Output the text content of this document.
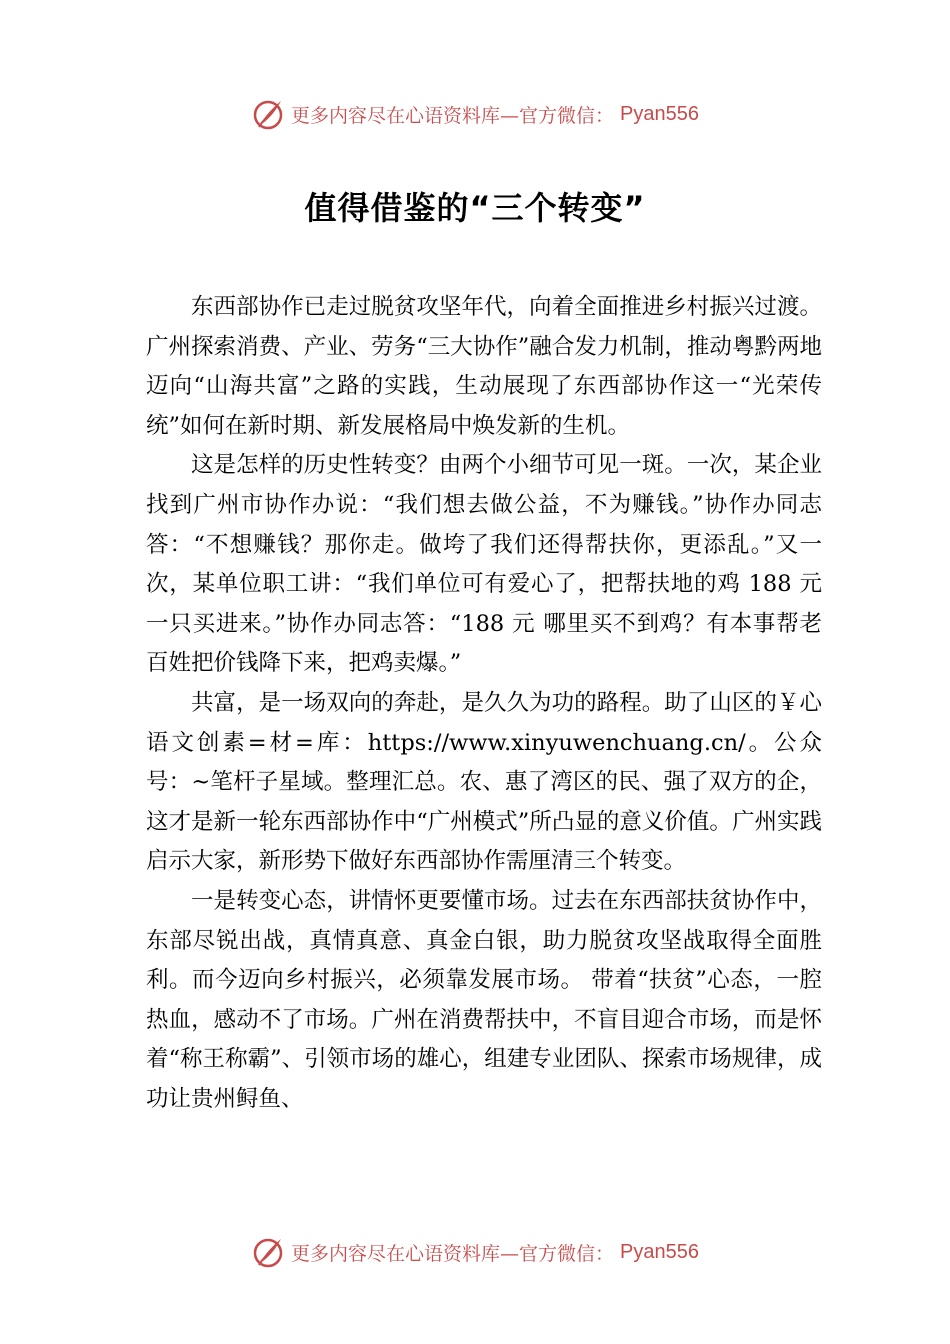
更多内容尽在心语资料库—官方微信： Pyan556
值得借鉴的“三个转变”

东西部协作已走过脱贫攻坚年代，向着全面推进乡村振兴过渡。广州探索消费、产业、劳务“三大协作”融合发力机制，推动粤黔两地迈向“山海共富”之路的实践，生动展现了东西部协作这一“光荣传统”如何在新时期、新发展格局中焕发新的生机。

这是怎样的历史性转变？由两个小细节可见一斑。一次，某企业找到广州市协作办说：“我们想去做公益，不为赚钱。”协作办同志答：“不想赚钱？那你走。做垮了我们还得帮扶你，更添乱。”又一次，某单位职工讲：“我们单位可有爱心了，把帮扶地的鸡 188 元一只买进来。”协作办同志答：“188 元 哪里买不到鸡？有本事帮老百姓把价钱降下来，把鸡卖爆。”

共富，是一场双向的奔赴，是久久为功的路程。助了山区的￥心语文创素=材=库：https://www.xinyuwenchuang.cn/。公众号：~笔杆子星域。整理汇总。农、惠了湾区的民、强了双方的企，这才是新一轮东西部协作中“广州模式”所凸显的意义价值。广州实践启示大家，新形势下做好东西部协作需厘清三个转变。

一是转变心态，讲情怀更要懂市场。过去在东西部扶贫协作中，东部尽锐出战，真情真意、真金白银，助力脱贫攻坚战取得全面胜利。而今迈向乡村振兴，必须靠发展市场。 带着“扶贫”心态，一腔热血，感动不了市场。广州在消费帮扶中，不盲目迎合市场，而是怀着“称王称霸”、引领市场的雄心，组建专业团队、探索市场规律，成功让贵州鲟鱼、

更多内容尽在心语资料库—官方微信： Pyan556
